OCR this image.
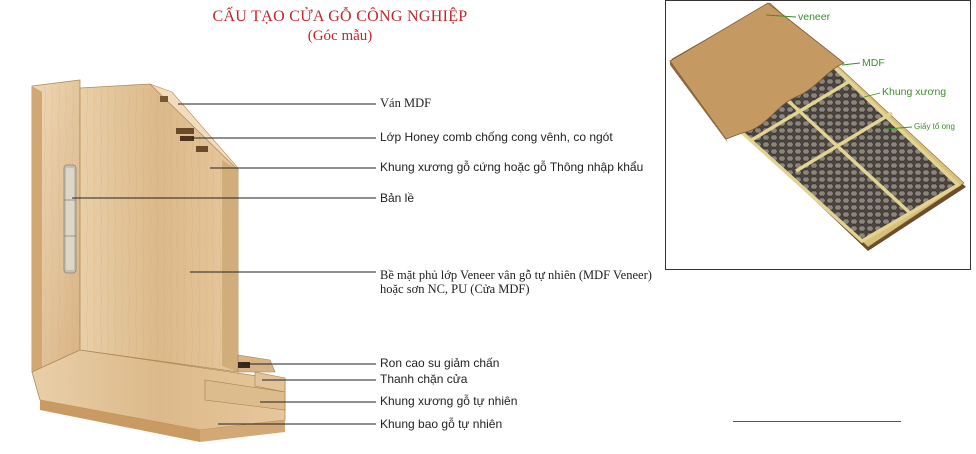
CẤU TẠO CỬA GỖ CÔNG NGHIỆP
(Góc mẫu)
Ván MDF
Lớp Honey comb chống cong vênh, co ngót
Khung xương gỗ cứng hoặc gỗ Thông nhập khẩu
Bản lề
Bề mặt phủ lớp Veneer vân gỗ tự nhiên (MDF Veneer)
hoặc sơn NC, PU (Cửa MDF)
Ron cao su giảm chấn
Thanh chặn cửa
Khung xương gỗ tự nhiên
Khung bao gỗ tự nhiên
veneer
MDF
Khung xương
Giấy tổ ong
